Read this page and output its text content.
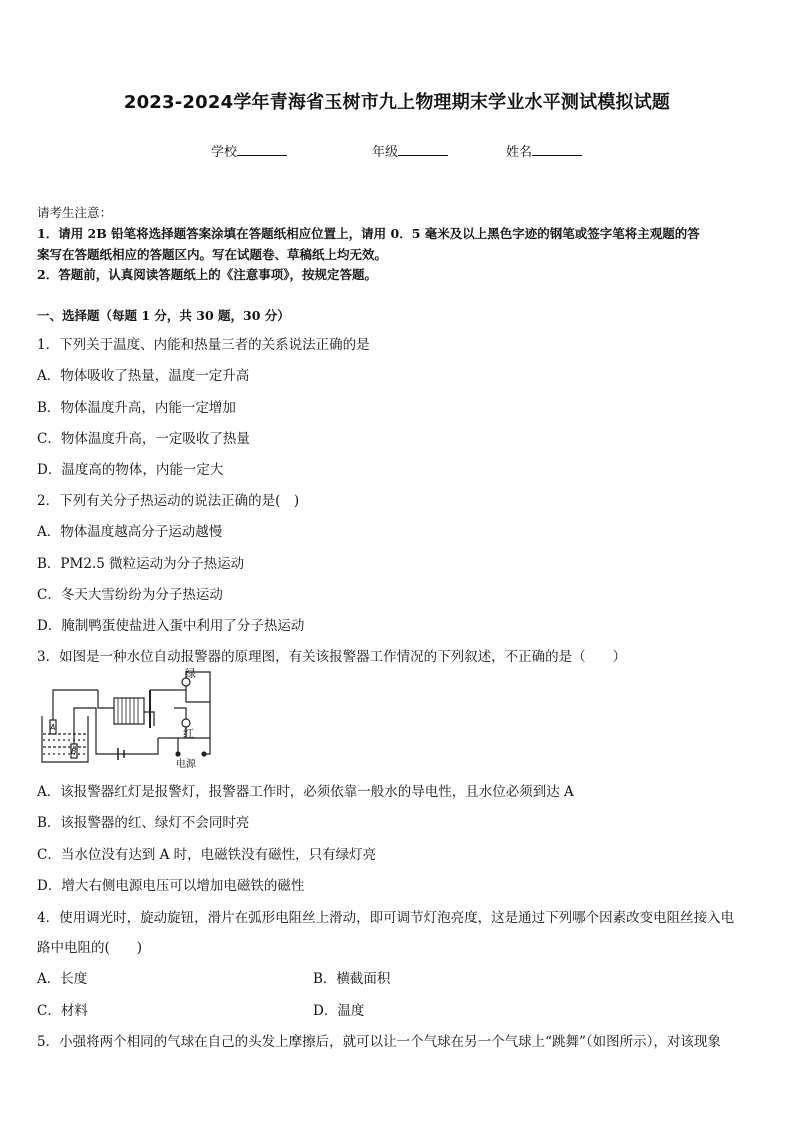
2023-2024学年青海省玉树市九上物理期末学业水平测试模拟试题
学校	年级	姓名
请考生注意：
1．请用 2B 铅笔将选择题答案涂填在答题纸相应位置上，请用 0．5 毫米及以上黑色字迹的钢笔或签字笔将主观题的答
案写在答题纸相应的答题区内。写在试题卷、草稿纸上均无效。
2．答题前，认真阅读答题纸上的《注意事项》，按规定答题。
一、选择题（每题 1 分，共 30 题，30 分）
1．下列关于温度、内能和热量三者的关系说法正确的是
A．物体吸收了热量，温度一定升高
B．物体温度升高，内能一定增加
C．物体温度升高，一定吸收了热量
D．温度高的物体，内能一定大
2．下列有关分子热运动的说法正确的是(　)
A．物体温度越高分子运动越慢
B．PM2.5 微粒运动为分子热运动
C．冬天大雪纷纷为分子热运动
D．腌制鸭蛋使盐进入蛋中利用了分子热运动
3．如图是一种水位自动报警器的原理图，有关该报警器工作情况的下列叙述，不正确的是（　　）
绿
红
电源
A
B
A．该报警器红灯是报警灯，报警器工作时，必须依靠一般水的导电性，且水位必须到达 A
B．该报警器的红、绿灯不会同时亮
C．当水位没有达到 A 时，电磁铁没有磁性，只有绿灯亮
D．增大右侧电源电压可以增加电磁铁的磁性
4．使用调光时，旋动旋钮，滑片在弧形电阻丝上滑动，即可调节灯泡亮度，这是通过下列哪个因素改变电阻丝接入电
路中电阻的(　　)
A．长度	B．横截面积
C．材料	D．温度
5．小强将两个相同的气球在自己的头发上摩擦后，就可以让一个气球在另一个气球上“跳舞”（如图所示），对该现象
